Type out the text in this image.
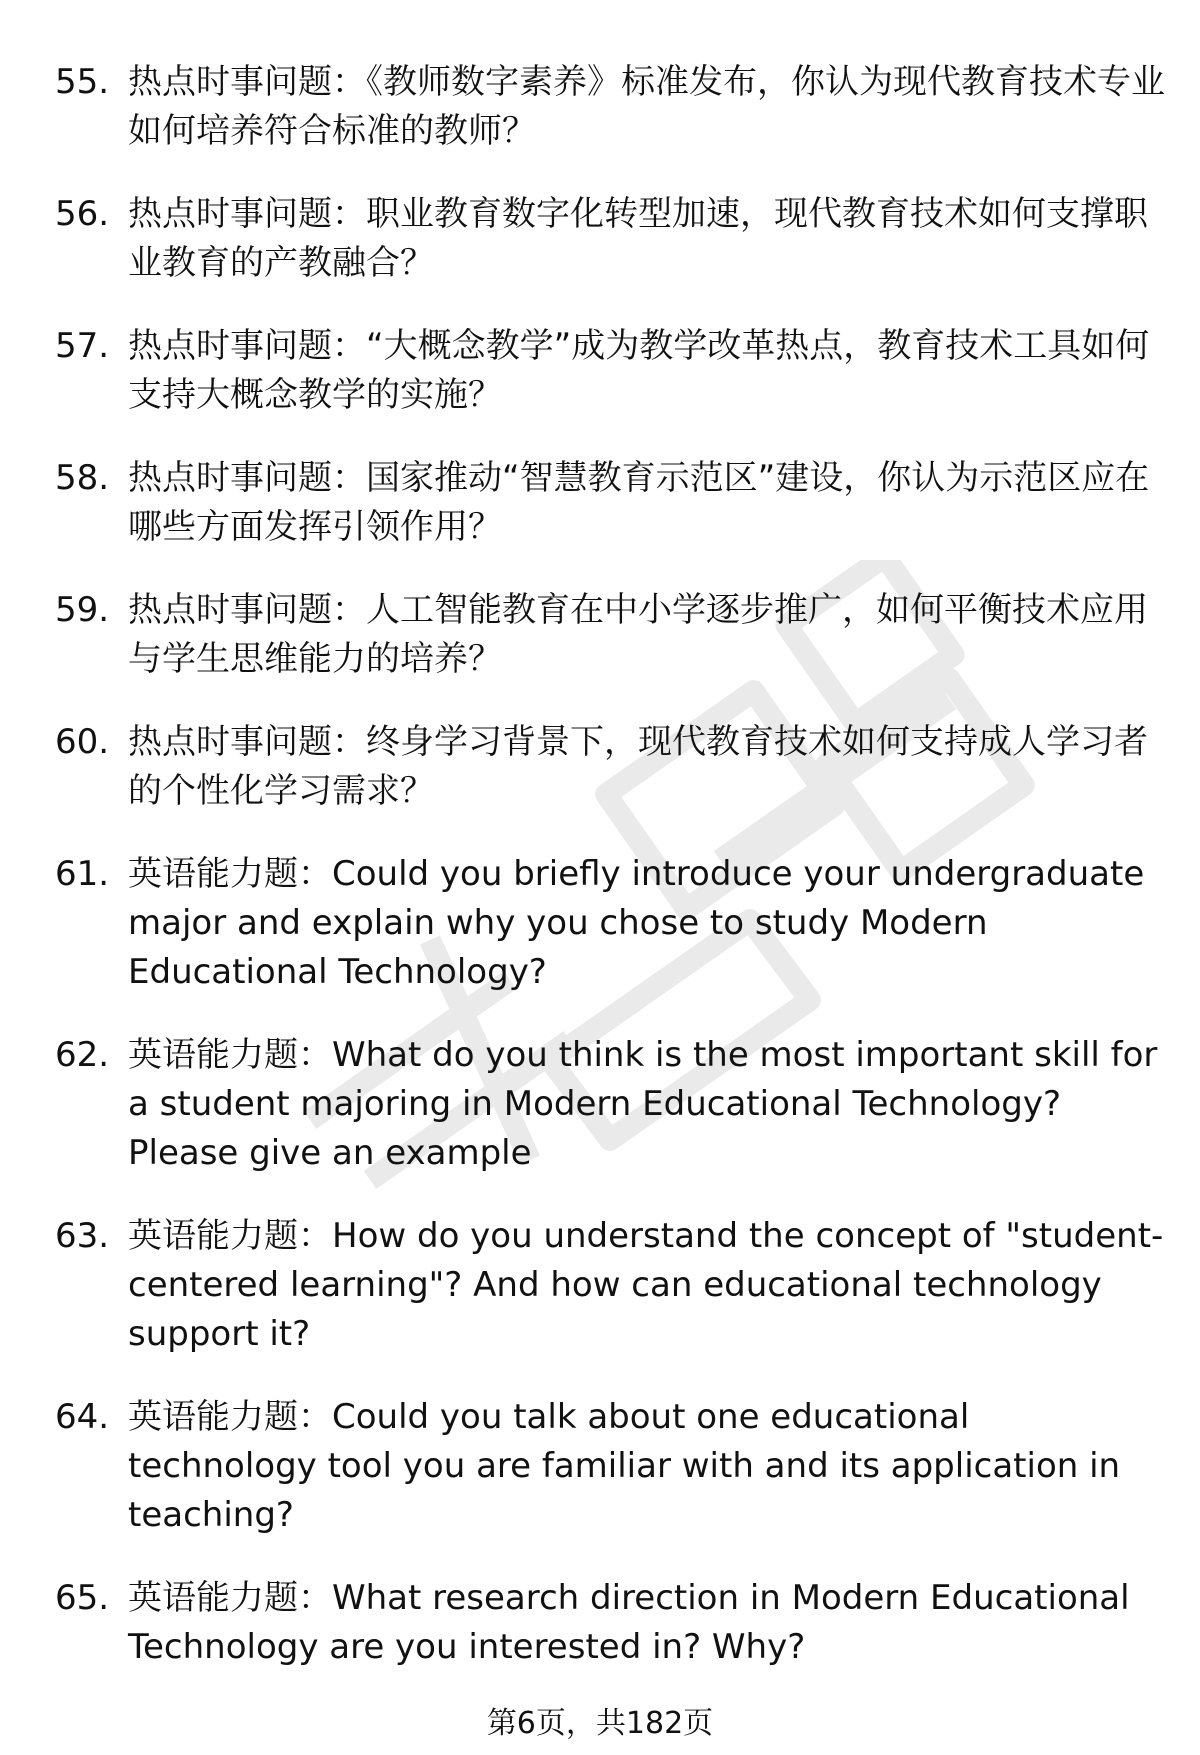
55. 热点时事问题：《教师数字素养》标准发布，你认为现代教育技术专业如何培养符合标准的教师？
56. 热点时事问题：职业教育数字化转型加速，现代教育技术如何支撑职业教育的产教融合？
57. 热点时事问题：“大概念教学”成为教学改革热点，教育技术工具如何支持大概念教学的实施？
58. 热点时事问题：国家推动“智慧教育示范区”建设，你认为示范区应在哪些方面发挥引领作用？
59. 热点时事问题：人工智能教育在中小学逐步推广，如何平衡技术应用与学生思维能力的培养？
60. 热点时事问题：终身学习背景下，现代教育技术如何支持成人学习者的个性化学习需求？
61. 英语能力题：Could you briefly introduce your undergraduate major and explain why you chose to study Modern Educational Technology?
62. 英语能力题：What do you think is the most important skill for a student majoring in Modern Educational Technology? Please give an example
63. 英语能力题：How do you understand the concept of "student-centered learning"? And how can educational technology support it?
64. 英语能力题：Could you talk about one educational technology tool you are familiar with and its application in teaching?
65. 英语能力题：What research direction in Modern Educational Technology are you interested in? Why?
第6页，共182页
